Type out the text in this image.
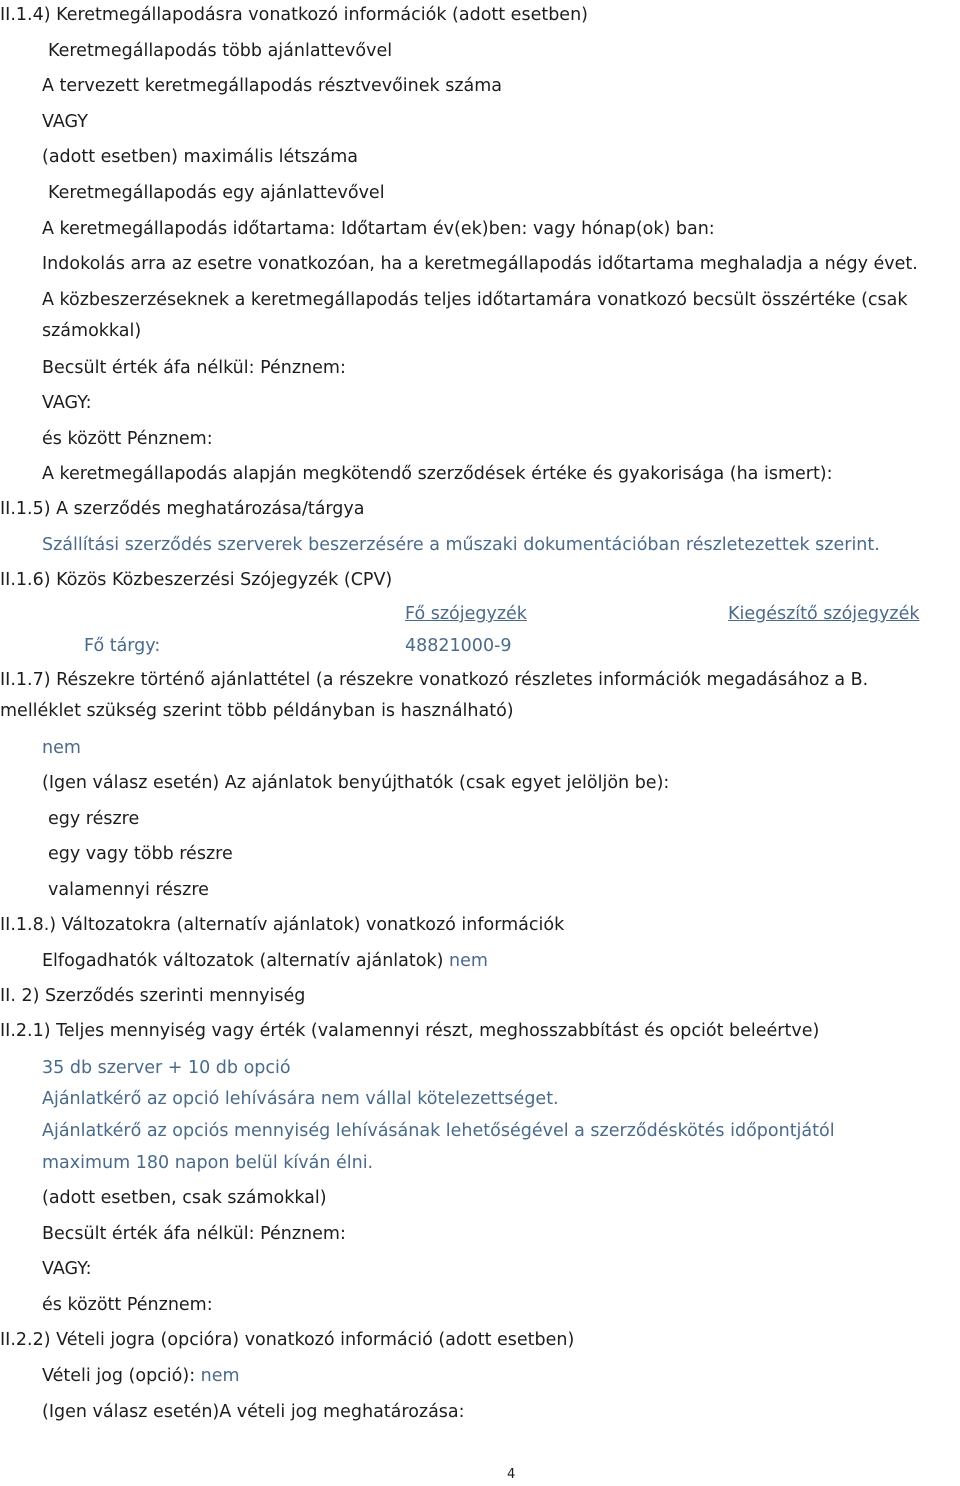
II.1.4) Keretmegállapodásra vonatkozó információk (adott esetben)
Keretmegállapodás több ajánlattevővel
A tervezett keretmegállapodás résztvevőinek száma
VAGY
(adott esetben) maximális létszáma
Keretmegállapodás egy ajánlattevővel
A keretmegállapodás időtartama: Időtartam év(ek)ben: vagy hónap(ok) ban:
Indokolás arra az esetre vonatkozóan, ha a keretmegállapodás időtartama meghaladja a négy évet.
A közbeszerzéseknek a keretmegállapodás teljes időtartamára vonatkozó becsült összértéke (csak
számokkal)
Becsült érték áfa nélkül: Pénznem:
VAGY:
és között Pénznem:
A keretmegállapodás alapján megkötendő szerződések értéke és gyakorisága (ha ismert):
II.1.5) A szerződés meghatározása/tárgya
Szállítási szerződés szerverek beszerzésére a műszaki dokumentációban részletezettek szerint.
II.1.6) Közös Közbeszerzési Szójegyzék (CPV)
Fő szójegyzék	Kiegészítő szójegyzék
Fő tárgy:	48821000-9
II.1.7) Részekre történő ajánlattétel (a részekre vonatkozó részletes információk megadásához a B.
melléklet szükség szerint több példányban is használható)
nem
(Igen válasz esetén) Az ajánlatok benyújthatók (csak egyet jelöljön be):
egy részre
egy vagy több részre
valamennyi részre
II.1.8.) Változatokra (alternatív ajánlatok) vonatkozó információk
Elfogadhatók változatok (alternatív ajánlatok) nem
II. 2) Szerződés szerinti mennyiség
II.2.1) Teljes mennyiség vagy érték (valamennyi részt, meghosszabbítást és opciót beleértve)
35 db szerver + 10 db opció
Ajánlatkérő az opció lehívására nem vállal kötelezettséget.
Ajánlatkérő az opciós mennyiség lehívásának lehetőségével a szerződéskötés időpontjától
maximum 180 napon belül kíván élni.
(adott esetben, csak számokkal)
Becsült érték áfa nélkül: Pénznem:
VAGY:
és között Pénznem:
II.2.2) Vételi jogra (opcióra) vonatkozó információ (adott esetben)
Vételi jog (opció): nem
(Igen válasz esetén)A vételi jog meghatározása:
4
